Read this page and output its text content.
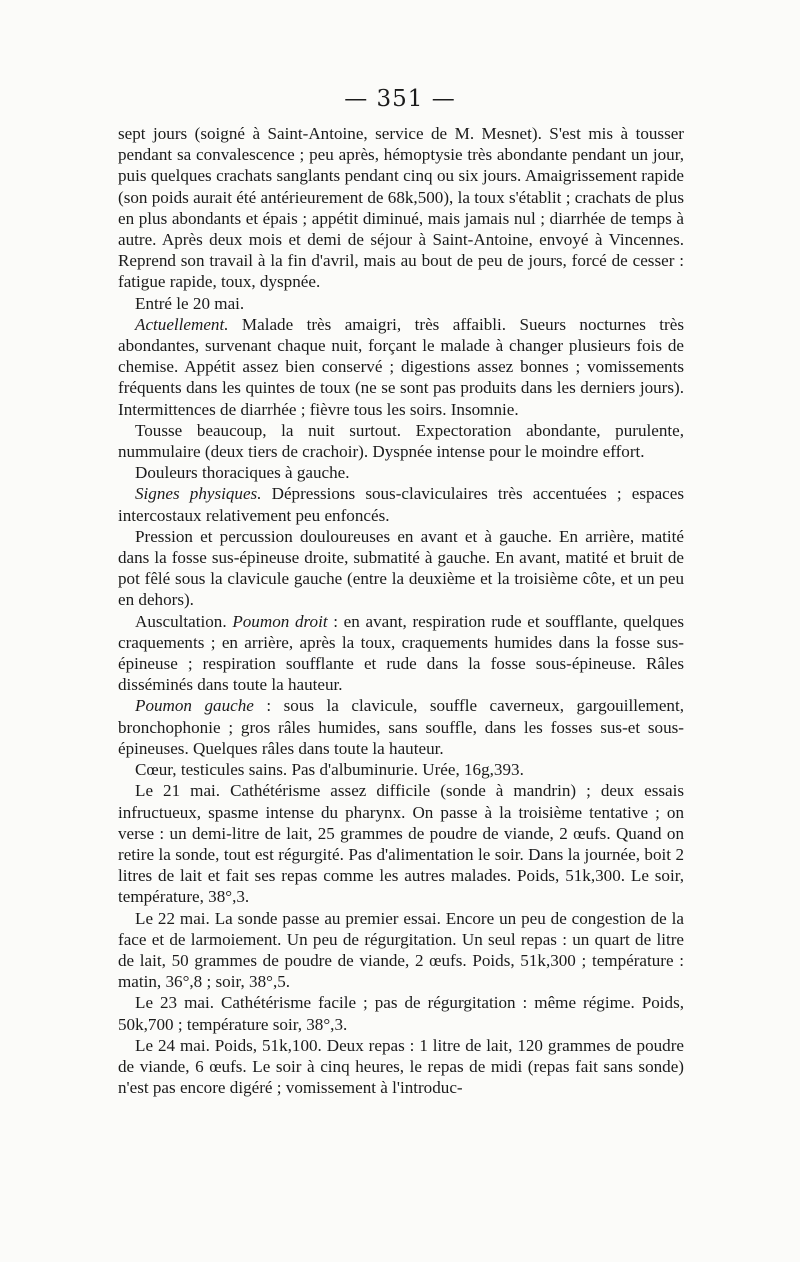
— 351 —

sept jours (soigné à Saint-Antoine, service de M. Mesnet). S'est mis à tousser pendant sa convalescence ; peu après, hémoptysie très abondante pendant un jour, puis quelques crachats sanglants pendant cinq ou six jours. Amaigrissement rapide (son poids aurait été antérieurement de 68k,500), la toux s'établit ; crachats de plus en plus abondants et épais ; appétit diminué, mais jamais nul ; diarrhée de temps à autre. Après deux mois et demi de séjour à Saint-Antoine, envoyé à Vincennes. Reprend son travail à la fin d'avril, mais au bout de peu de jours, forcé de cesser : fatigue rapide, toux, dyspnée.

Entré le 20 mai.

Actuellement. Malade très amaigri, très affaibli. Sueurs nocturnes très abondantes, survenant chaque nuit, forçant le malade à changer plusieurs fois de chemise. Appétit assez bien conservé ; digestions assez bonnes ; vomissements fréquents dans les quintes de toux (ne se sont pas produits dans les derniers jours). Intermittences de diarrhée ; fièvre tous les soirs. Insomnie.

Tousse beaucoup, la nuit surtout. Expectoration abondante, purulente, nummulaire (deux tiers de crachoir). Dyspnée intense pour le moindre effort.

Douleurs thoraciques à gauche.

Signes physiques. Dépressions sous-claviculaires très accentuées ; espaces intercostaux relativement peu enfoncés.

Pression et percussion douloureuses en avant et à gauche. En arrière, matité dans la fosse sus-épineuse droite, submatité à gauche. En avant, matité et bruit de pot fêlé sous la clavicule gauche (entre la deuxième et la troisième côte, et un peu en dehors).

Auscultation. Poumon droit : en avant, respiration rude et soufflante, quelques craquements ; en arrière, après la toux, craquements humides dans la fosse sus-épineuse ; respiration soufflante et rude dans la fosse sous-épineuse. Râles disséminés dans toute la hauteur.

Poumon gauche : sous la clavicule, souffle caverneux, gargouillement, bronchophonie ; gros râles humides, sans souffle, dans les fosses sus-et sous-épineuses. Quelques râles dans toute la hauteur.

Cœur, testicules sains. Pas d'albuminurie. Urée, 16g,393.

Le 21 mai. Cathétérisme assez difficile (sonde à mandrin) ; deux essais infructueux, spasme intense du pharynx. On passe à la troisième tentative ; on verse : un demi-litre de lait, 25 grammes de poudre de viande, 2 œufs. Quand on retire la sonde, tout est régurgité. Pas d'alimentation le soir. Dans la journée, boit 2 litres de lait et fait ses repas comme les autres malades. Poids, 51k,300. Le soir, température, 38°,3.

Le 22 mai. La sonde passe au premier essai. Encore un peu de congestion de la face et de larmoiement. Un peu de régurgitation. Un seul repas : un quart de litre de lait, 50 grammes de poudre de viande, 2 œufs. Poids, 51k,300 ; température : matin, 36°,8 ; soir, 38°,5.

Le 23 mai. Cathétérisme facile ; pas de régurgitation : même régime. Poids, 50k,700 ; température soir, 38°,3.

Le 24 mai. Poids, 51k,100. Deux repas : 1 litre de lait, 120 grammes de poudre de viande, 6 œufs. Le soir à cinq heures, le repas de midi (repas fait sans sonde) n'est pas encore digéré ; vomissement à l'introduc-
